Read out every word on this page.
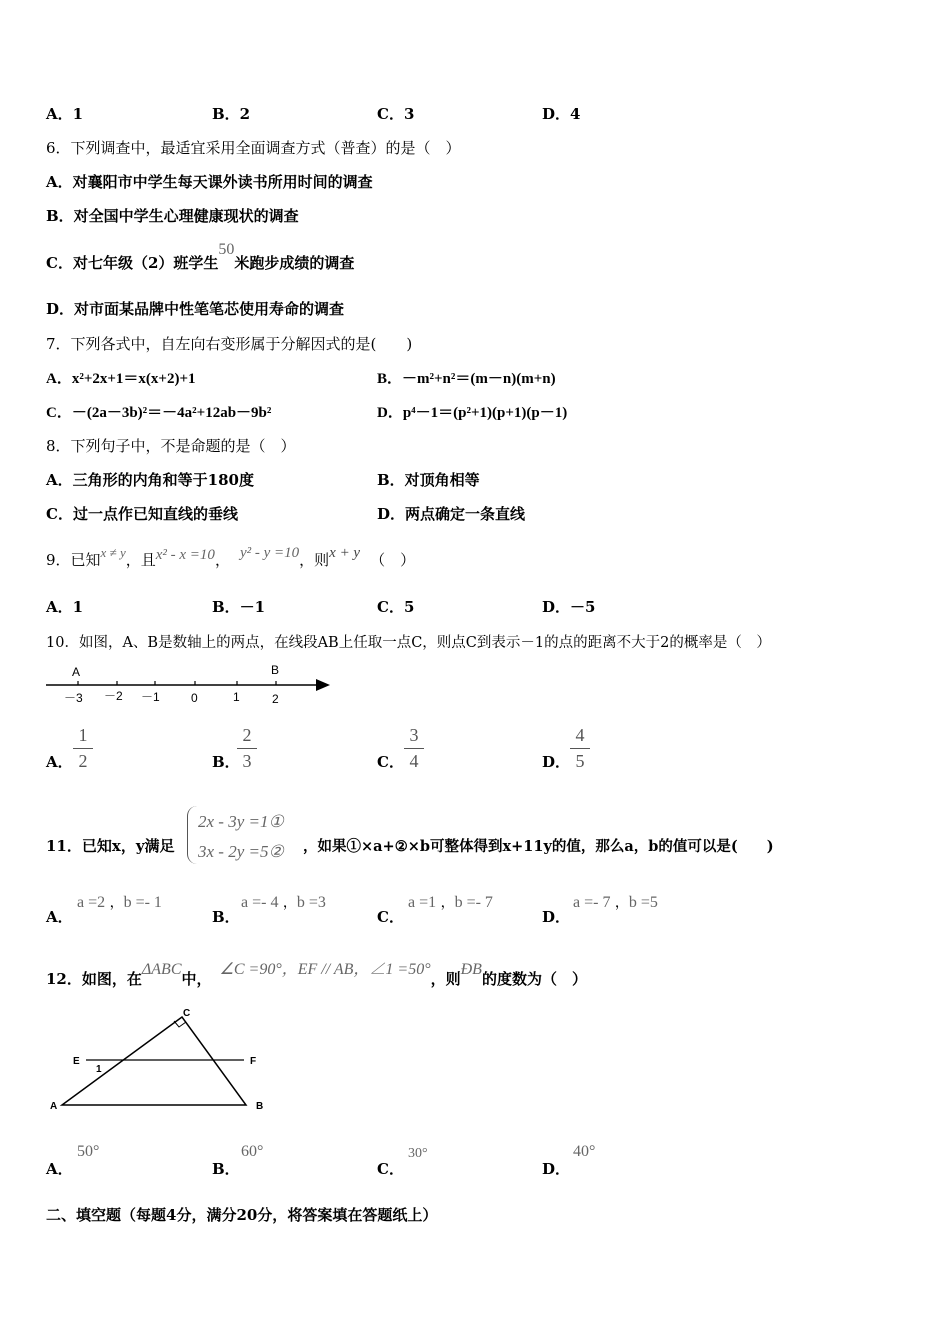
A．1	B．2	C．3	D．4
6．下列调查中，最适宜采用全面调查方式（普查）的是（　）
A．对襄阳市中学生每天课外读书所用时间的调查
B．对全国中学生心理健康现状的调查
C．对七年级（2）班学生50米跑步成绩的调查
D．对市面某品牌中性笔笔芯使用寿命的调查
7．下列各式中，自左向右变形属于分解因式的是(　　)
A．x²+2x+1＝x(x+2)+1	B．－m²+n²＝(m－n)(m+n)
C．－(2a－3b)²＝－4a²+12ab－9b²	D．p⁴－1＝(p²+1)(p+1)(p－1)
8．下列句子中，不是命题的是（　）
A．三角形的内角和等于180度	B．对顶角相等
C．过一点作已知直线的垂线	D．两点确定一条直线
9．已知x ≠ y，且x² - x =10， y² - y =10，则x + y （　）
A．1	B．－1	C．5	D．－5
10．如图，A、B是数轴上的两点，在线段AB上任取一点C，则点C到表示－1的点的距离不大于2的概率是（　）
A	B
－3 －2 －1	0	1	2
A．
1
2	B．
2
3	C．
3
4	D．
4
5
11．已知x，y满足
2x - 3y =1①
3x - 2y =5② ，如果①×a+②×b可整体得到x+11y的值，那么a，b的值可以是(　　)
A．
a =2 ，b =- 1
B．
a =- 4 ，b =3
C．
a =1 ，b =- 7
D．
a =- 7 ，b =5
12．如图，在ΔABC中，∠C =90°，EF // AB，∠1 =50°，则ÐB的度数为（　）
A	B
C
E	F
1
A．
50°
B．
60°
C．
30°
D．
40°
二、填空题（每题4分，满分20分，将答案填在答题纸上）
